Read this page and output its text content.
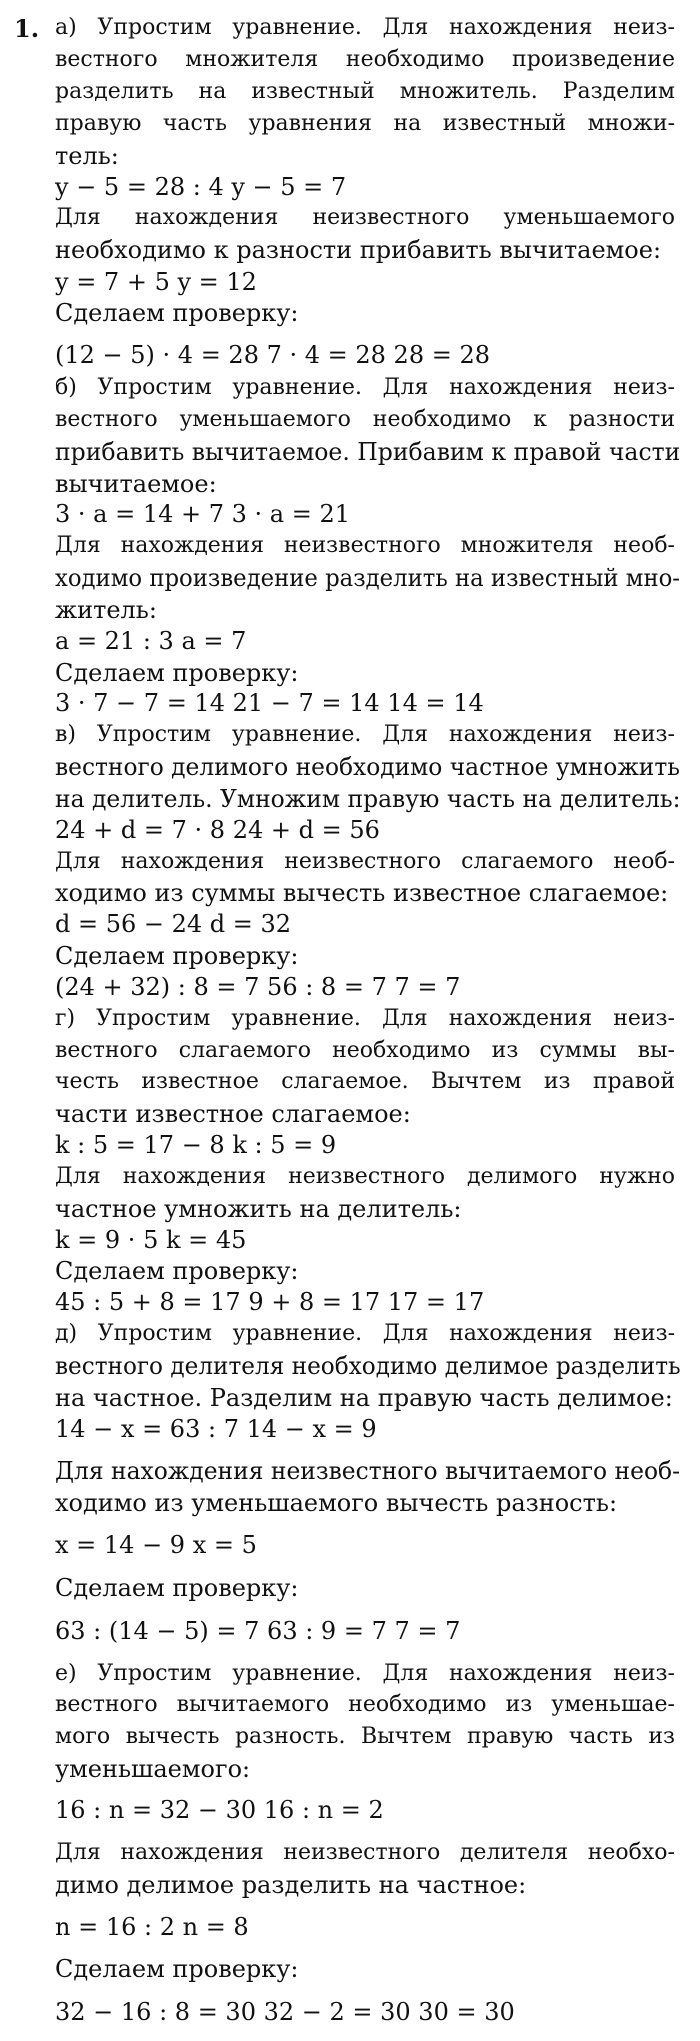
1. а) Упростим уравнение. Для нахождения неиз-
вестного множителя необходимо произведение
разделить на известный множитель. Разделим
правую часть уравнения на известный множи-
тель:
y − 5 = 28 : 4 y − 5 = 7
Для нахождения неизвестного уменьшаемого
необходимо к разности прибавить вычитаемое:
y = 7 + 5 y = 12
Сделаем проверку:
(12 − 5) · 4 = 28 7 · 4 = 28 28 = 28
б) Упростим уравнение. Для нахождения неиз-
вестного уменьшаемого необходимо к разности
прибавить вычитаемое. Прибавим к правой части
вычитаемое:
3 · a = 14 + 7 3 · a = 21
Для нахождения неизвестного множителя необ-
ходимо произведение разделить на известный мно-
житель:
a = 21 : 3 a = 7
Сделаем проверку:
3 · 7 − 7 = 14 21 − 7 = 14 14 = 14
в) Упростим уравнение. Для нахождения неиз-
вестного делимого необходимо частное умножить
на делитель. Умножим правую часть на делитель:
24 + d = 7 · 8 24 + d = 56
Для нахождения неизвестного слагаемого необ-
ходимо из суммы вычесть известное слагаемое:
d = 56 − 24 d = 32
Сделаем проверку:
(24 + 32) : 8 = 7 56 : 8 = 7 7 = 7
г) Упростим уравнение. Для нахождения неиз-
вестного слагаемого необходимо из суммы вы-
честь известное слагаемое. Вычтем из правой
части известное слагаемое:
k : 5 = 17 − 8 k : 5 = 9
Для нахождения неизвестного делимого нужно
частное умножить на делитель:
k = 9 · 5 k = 45
Сделаем проверку:
45 : 5 + 8 = 17 9 + 8 = 17 17 = 17
д) Упростим уравнение. Для нахождения неиз-
вестного делителя необходимо делимое разделить
на частное. Разделим на правую часть делимое:
14 − x = 63 : 7 14 − x = 9
Для нахождения неизвестного вычитаемого необ-
ходимо из уменьшаемого вычесть разность:
x = 14 − 9 x = 5
Сделаем проверку:
63 : (14 − 5) = 7 63 : 9 = 7 7 = 7
е) Упростим уравнение. Для нахождения неиз-
вестного вычитаемого необходимо из уменьшае-
мого вычесть разность. Вычтем правую часть из
уменьшаемого:
16 : n = 32 − 30 16 : n = 2
Для нахождения неизвестного делителя необхо-
димо делимое разделить на частное:
n = 16 : 2 n = 8
Сделаем проверку:
32 − 16 : 8 = 30 32 − 2 = 30 30 = 30
